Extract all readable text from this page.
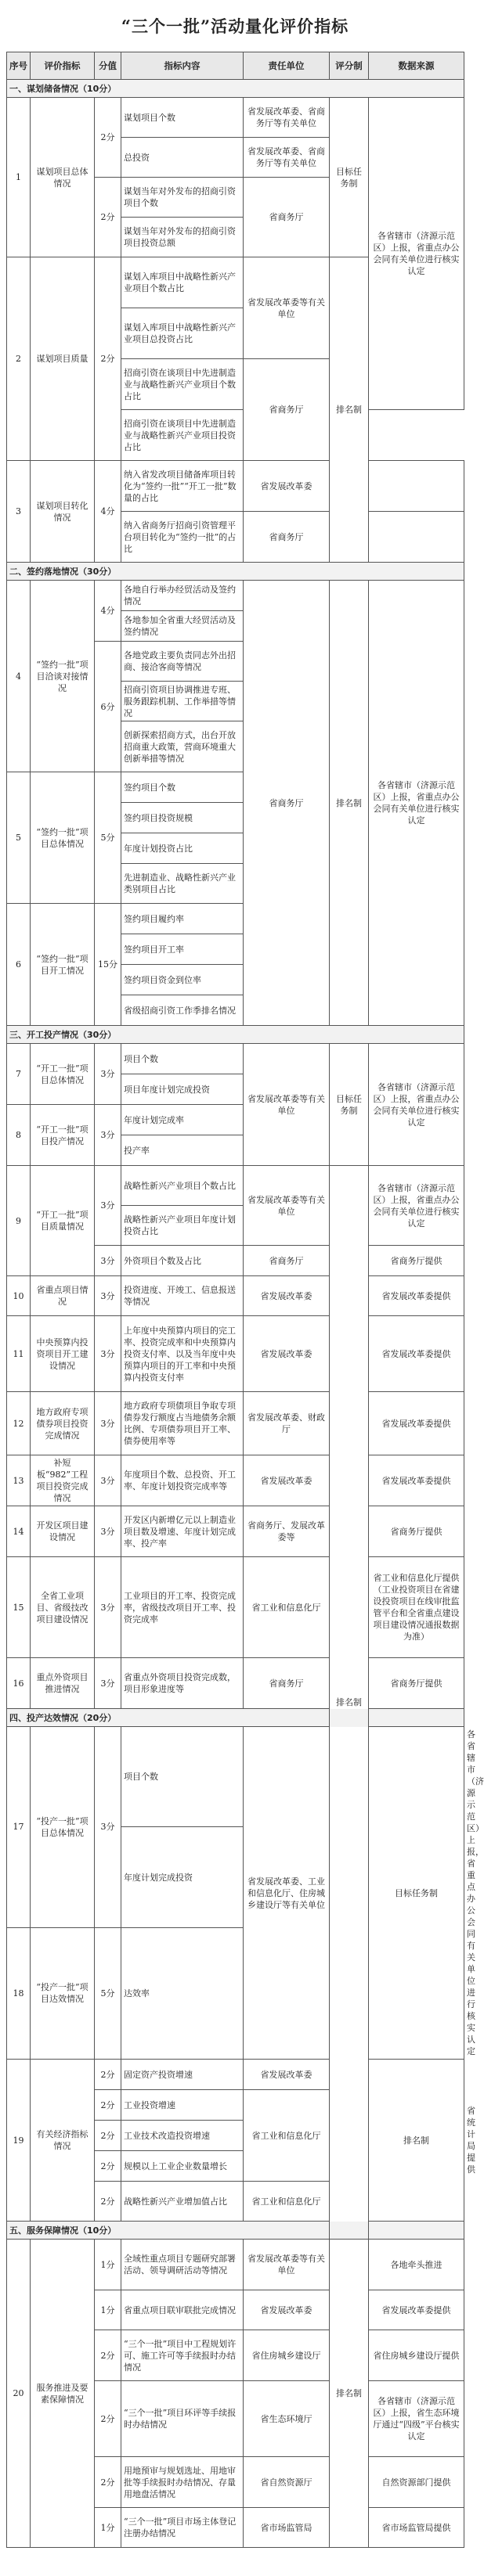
“三个一批”活动量化评价指标
序号	评价指标	分值	指标内容	责任单位	评分制	数据来源	
一、谋划储备情况（10分）							
1	谋划项目总体情况	2分	谋划项目个数	省发展改革委、省商务厅等有关单位	目标任务制	各省辖市（济源示范区）上报，省重点办公会同有关单位进行核实认定	
			总投资	省发展改革委、省商务厅等有关单位			
		2分	谋划当年对外发布的招商引资项目个数	省商务厅			
			谋划当年对外发布的招商引资项目投资总额				
2	谋划项目质量	2分	谋划入库项目中战略性新兴产业项目个数占比	省发展改革委等有关单位	排名制		
			谋划入库项目中战略性新兴产业项目总投资占比				
			招商引资在谈项目中先进制造业与战略性新兴产业项目个数占比	省商务厅			
			招商引资在谈项目中先进制造业与战略性新兴产业项目投资占比				
3	谋划项目转化情况	4分	纳入省发改项目储备库项目转化为“签约一批”“开工一批”数量的占比	省发展改革委			
			纳入省商务厅招商引资管理平台项目转化为“签约一批”的占比	省商务厅			
二、签约落地情况（30分）							
4	“签约一批”项目洽谈对接情况	4分	各地自行举办经贸活动及签约情况	省商务厅	排名制	各省辖市（济源示范区）上报，省重点办公会同有关单位进行核实认定	
			各地参加全省重大经贸活动及签约情况				
		6分	各地党政主要负责同志外出招商、接洽客商等情况				
			招商引资项目协调推进专班、服务跟踪机制、工作举措等情况				
			创新探索招商方式，出台开放招商重大政策，营商环境重大创新举措等情况				
5	“签约一批”项目总体情况	5分	签约项目个数				
			签约项目投资规模				
			年度计划投资占比				
			先进制造业、战略性新兴产业类别项目占比				
6	“签约一批”项目开工情况	15分	签约项目履约率				
			签约项目开工率				
			签约项目资金到位率				
			省级招商引资工作季排名情况				
三、开工投产情况（30分）							
7	“开工一批”项目总体情况	3分	项目个数	省发展改革委等有关单位	目标任务制	各省辖市（济源示范区）上报，省重点办公会同有关单位进行核实认定	
			项目年度计划完成投资				
8	“开工一批”项目投产情况	3分	年度计划完成率				
			投产率				
9	“开工一批”项目质量情况	3分	战略性新兴产业项目个数占比	省发展改革委等有关单位	排名制	各省辖市（济源示范区）上报，省重点办公会同有关单位进行核实认定	
			战略性新兴产业项目年度计划投资占比				
		3分	外资项目个数及占比	省商务厅		省商务厅提供	
10	省重点项目情况	3分	投资进度、开竣工、信息报送等情况	省发展改革委		省发展改革委提供	
11	中央预算内投资项目开工建设情况	3分	上年度中央预算内项目的完工率、投资完成率和中央预算内投资支付率、以及当年度中央预算内项目的开工率和中央预算内投资支付率	省发展改革委		省发展改革委提供	
12	地方政府专项债券项目投资完成情况	3分	地方政府专项债项目争取专项债券发行额度占当地债务余额比例、专项债券项目开工率、债券使用率等	省发展改革委、财政厅		省发展改革委提供	
13	补短板“982”工程项目投资完成情况	3分	年度项目个数、总投资、开工率、年度计划投资完成率等	省发展改革委		省发展改革委提供	
14	开发区项目建设情况	3分	开发区内新增亿元以上制造业项目数及增速、年度计划完成率、投产率	省商务厅、发展改革委等		省商务厅提供	
15	全省工业项目、省级技改项目建设情况	3分	工业项目的开工率、投资完成率，省级技改项目开工率、投资完成率	省工业和信息化厅		省工业和信息化厅提供（工业投资项目在省建设投资项目在线审批监管平台和全省重点建设项目建设情况通报数据为准）	
16	重点外资项目推进情况	3分	省重点外资项目投资完成数，项目形象进度等	省商务厅		省商务厅提供	
四、投产达效情况（20分）							
17	“投产一批”项目总体情况	3分	项目个数	省发展改革委、工业和信息化厅、住房城乡建设厅等有关单位		目标任务制	各省辖市（济源示范区）上报，省重点办公会同有关单位进行核实认定
			年度计划完成投资				
18	“投产一批”项目达效情况	5分	达效率				
19	有关经济指标情况	2分	固定资产投资增速	省发展改革委		排名制	省统计局提供
		2分	工业投资增速	省工业和信息化厅			
		2分	工业技术改造投资增速				
		2分	规模以上工业企业数量增长				
		2分	战略性新兴产业增加值占比	省工业和信息化厅			
五、服务保障情况（10分）							
20	服务推进及要素保障情况	1分	全域性重点项目专题研究部署活动、领导调研活动等情况	省发展改革委等有关单位	排名制	各地牵头推进	
		1分	省重点项目联审联批完成情况	省发展改革委		省发展改革委提供	
		2分	“三个一批”项目中工程规划许可、施工许可等手续报时办结情况	省住房城乡建设厅		省住房城乡建设厅提供	
		2分	“三个一批”项目环评等手续报时办结情况	省生态环境厅		各省辖市（济源示范区）上报，省生态环境厅通过“四级”平台核实认定	
		2分	用地预审与规划选址、用地审批等手续报时办结情况、存量用地盘活情况	省自然资源厅		自然资源部门提供	
		1分	“三个一批”项目市场主体登记注册办结情况	省市场监管局		省市场监管局提供	
